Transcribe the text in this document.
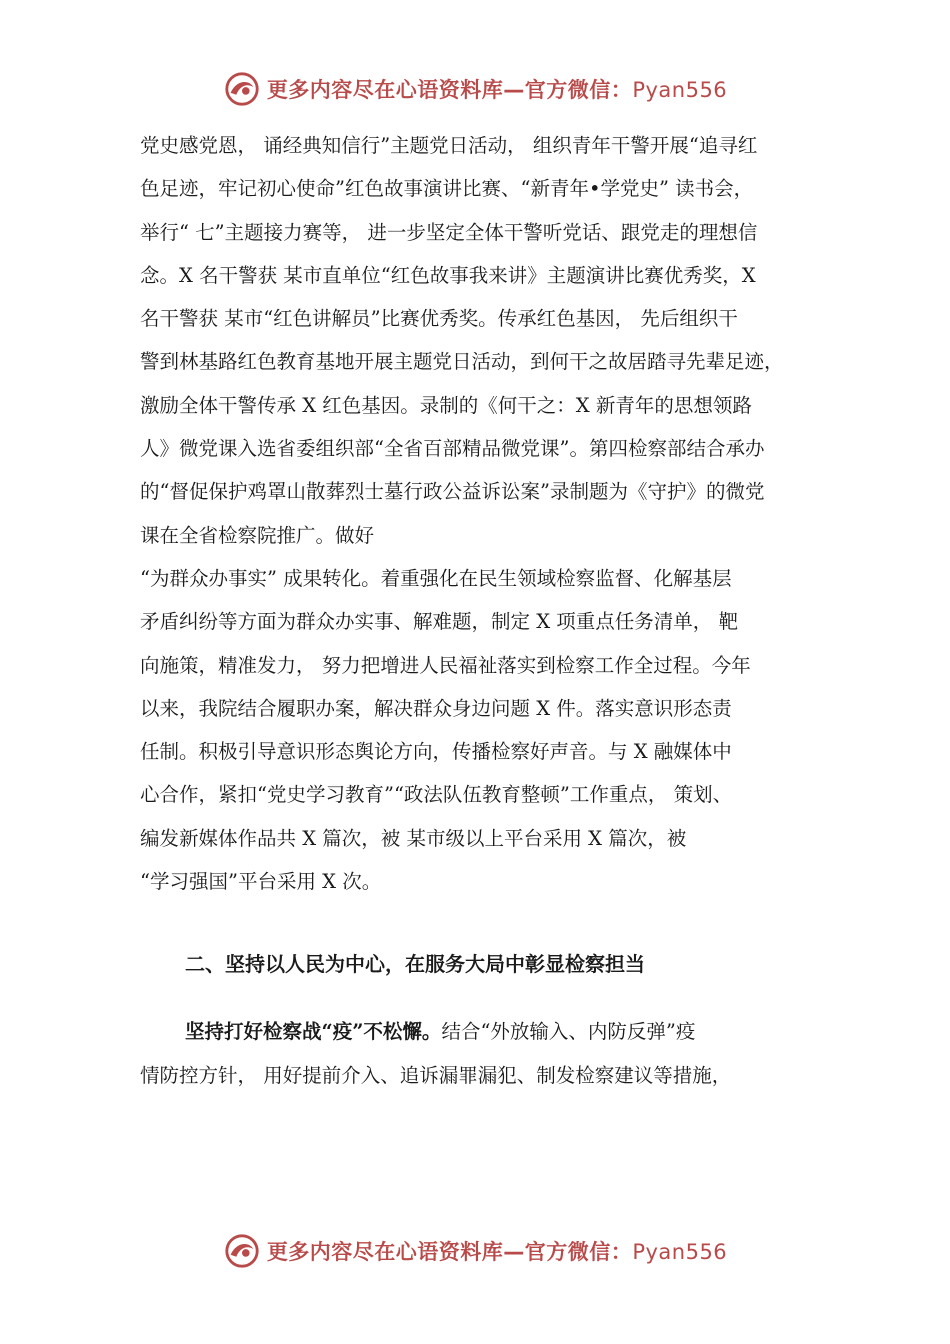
更多内容尽在心语资料库—官方微信：Pyan556
党史感党恩， 诵经典知信行”主题党日活动， 组织青年干警开展“追寻红
色足迹，牢记初心使命”红色故事演讲比赛、“新青年•学党史” 读书会，
举行“ 七”主题接力赛等， 进一步坚定全体干警听党话、跟党走的理想信
念。X 名干警获 某市直单位“红色故事我来讲》主题演讲比赛优秀奖，X
名干警获 某市“红色讲解员”比赛优秀奖。传承红色基因， 先后组织干
警到林基路红色教育基地开展主题党日活动，到何干之故居踏寻先辈足迹，
激励全体干警传承 X 红色基因。录制的《何干之：X 新青年的思想领路
人》微党课入选省委组织部“全省百部精品微党课”。第四检察部结合承办
的“督促保护鸡罩山散葬烈士墓行政公益诉讼案”录制题为《守护》的微党
课在全省检察院推广。做好
“为群众办事实” 成果转化。着重强化在民生领域检察监督、化解基层
矛盾纠纷等方面为群众办实事、解难题，制定 X 项重点任务清单， 靶
向施策，精准发力， 努力把增进人民福祉落实到检察工作全过程。今年
以来，我院结合履职办案，解决群众身边问题 X 件。落实意识形态责
任制。积极引导意识形态舆论方向，传播检察好声音。与 X 融媒体中
心合作，紧扣“党史学习教育”“政法队伍教育整顿”工作重点， 策划、
编发新媒体作品共 X 篇次，被 某市级以上平台采用 X 篇次，被
“学习强国”平台采用 X 次。
二、坚持以人民为中心，在服务大局中彰显检察担当
坚持打好检察战“疫”不松懈。结合“外放输入、内防反弹”疫
情防控方针， 用好提前介入、追诉漏罪漏犯、制发检察建议等措施，
更多内容尽在心语资料库—官方微信：Pyan556
